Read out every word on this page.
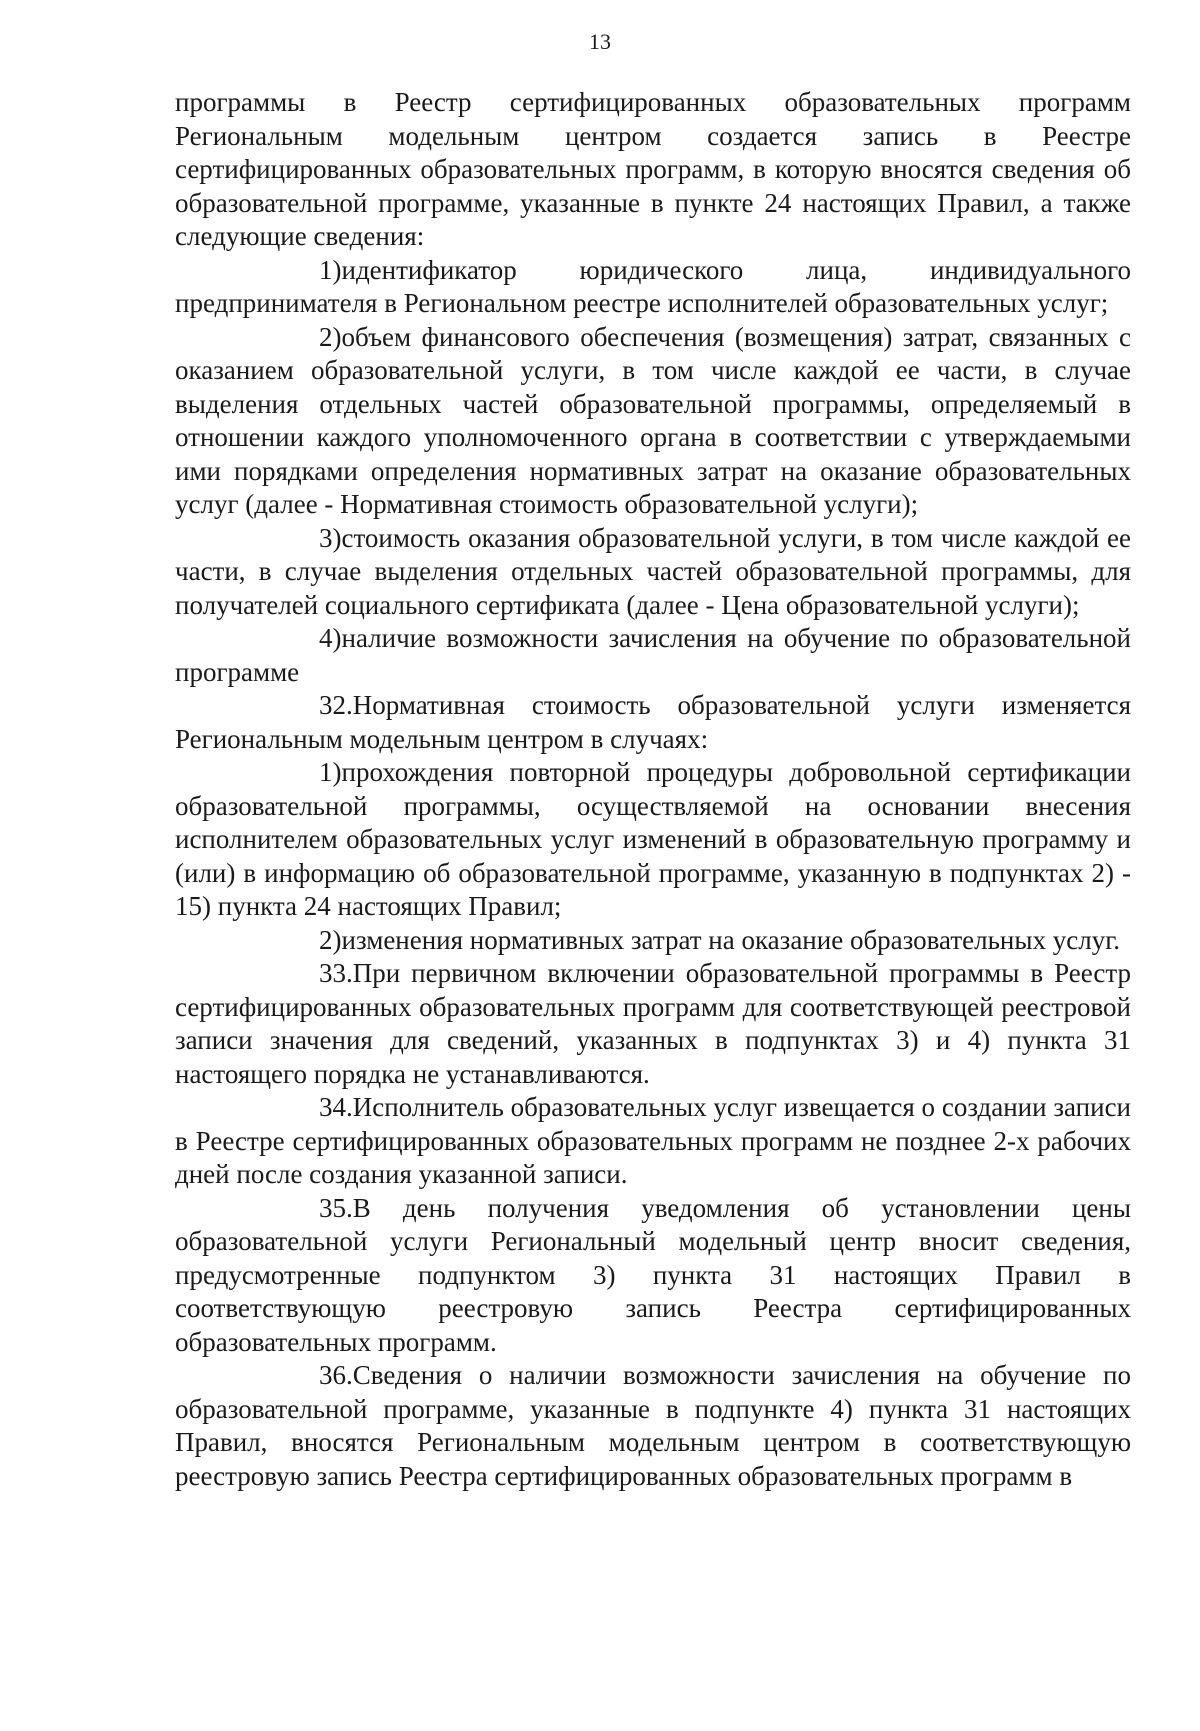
13

программы в Реестр сертифицированных образовательных программ Региональным модельным центром создается запись в Реестре сертифицированных образовательных программ, в которую вносятся сведения об образовательной программе, указанные в пункте 24 настоящих Правил, а также следующие сведения:

1)идентификатор юридического лица, индивидуального предпринимателя в Региональном реестре исполнителей образовательных услуг;

2)объем финансового обеспечения (возмещения) затрат, связанных с оказанием образовательной услуги, в том числе каждой ее части, в случае выделения отдельных частей образовательной программы, определяемый в отношении каждого уполномоченного органа в соответствии с утверждаемыми ими порядками определения нормативных затрат на оказание образовательных услуг (далее - Нормативная стоимость образовательной услуги);

3)стоимость оказания образовательной услуги, в том числе каждой ее части, в случае выделения отдельных частей образовательной программы, для получателей социального сертификата (далее - Цена образовательной услуги);

4)наличие возможности зачисления на обучение по образовательной программе

32.Нормативная стоимость образовательной услуги изменяется Региональным модельным центром в случаях:

1)прохождения повторной процедуры добровольной сертификации образовательной программы, осуществляемой на основании внесения исполнителем образовательных услуг изменений в образовательную программу и (или) в информацию об образовательной программе, указанную в подпунктах 2) - 15) пункта 24 настоящих Правил;

2)изменения нормативных затрат на оказание образовательных услуг.

33.При первичном включении образовательной программы в Реестр сертифицированных образовательных программ для соответствующей реестровой записи значения для сведений, указанных в подпунктах 3) и 4) пункта 31 настоящего порядка не устанавливаются.

34.Исполнитель образовательных услуг извещается о создании записи в Реестре сертифицированных образовательных программ не позднее 2-х рабочих дней после создания указанной записи.

35.В день получения уведомления об установлении цены образовательной услуги Региональный модельный центр вносит сведения, предусмотренные подпунктом 3) пункта 31 настоящих Правил в соответствующую реестровую запись Реестра сертифицированных образовательных программ.

36.Сведения о наличии возможности зачисления на обучение по образовательной программе, указанные в подпункте 4) пункта 31 настоящих Правил, вносятся Региональным модельным центром в соответствующую реестровую запись Реестра сертифицированных образовательных программ в
